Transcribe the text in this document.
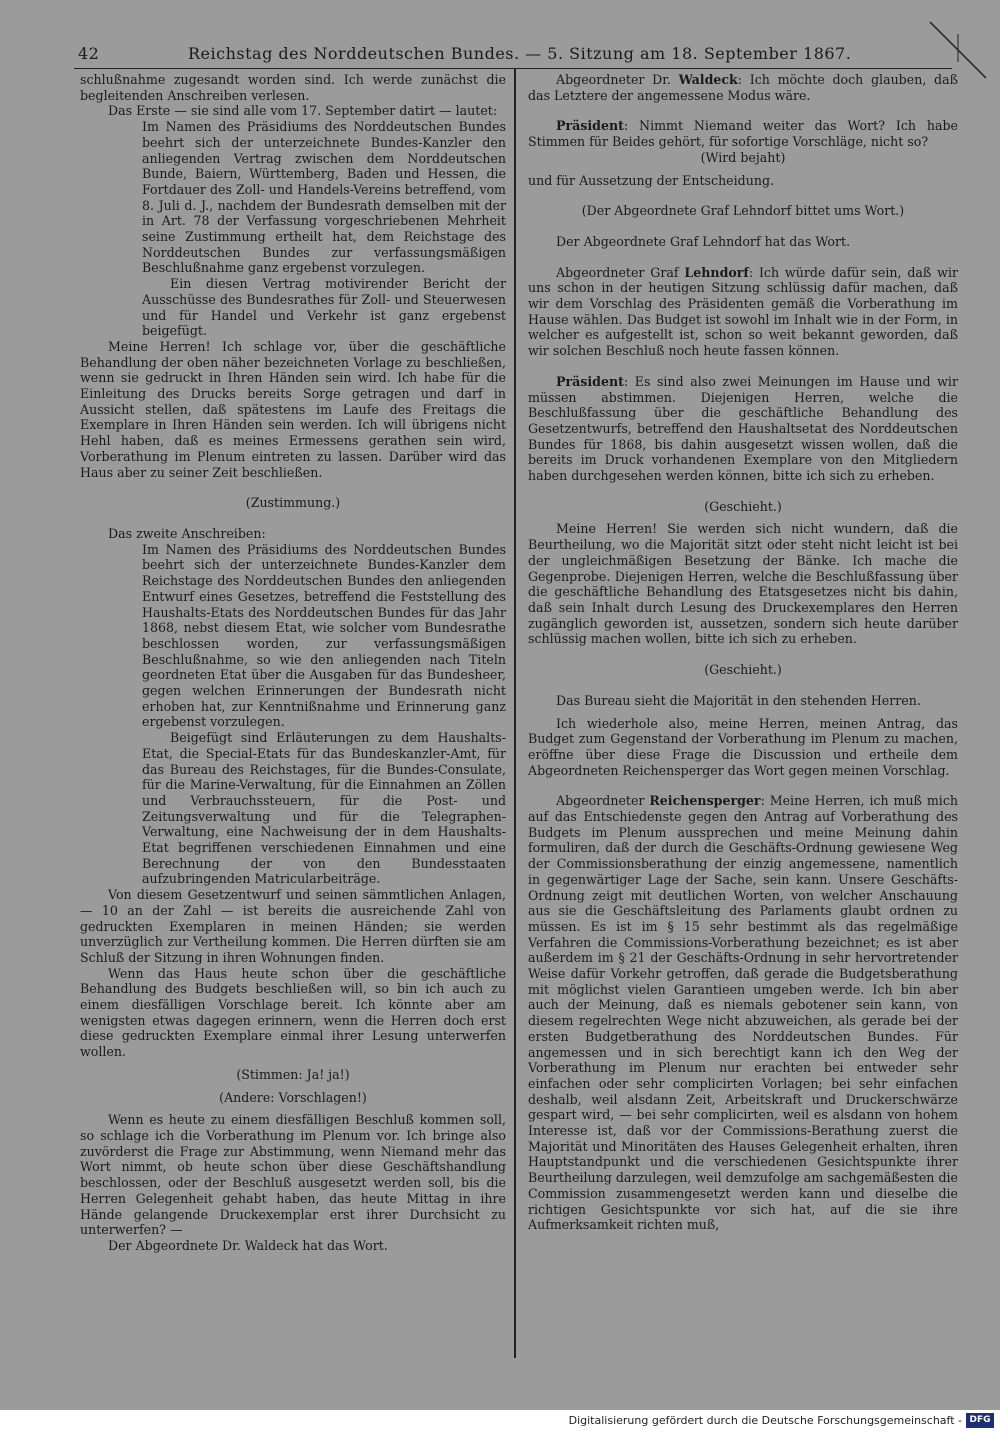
42	Reichstag des Norddeutschen Bundes. — 5. Sitzung am 18. September 1867.

schlußnahme zugesandt worden sind. Ich werde zunächst die begleitenden Anschreiben verlesen.

Das Erste — sie sind alle vom 17. September datirt — lautet:

Im Namen des Präsidiums des Norddeutschen Bundes beehrt sich der unterzeichnete Bundes-Kanzler den anliegenden Vertrag zwischen dem Norddeutschen Bunde, Baiern, Württemberg, Baden und Hessen, die Fortdauer des Zoll- und Handels-Vereins betreffend, vom 8. Juli d. J., nachdem der Bundesrath demselben mit der in Art. 78 der Verfassung vorgeschriebenen Mehrheit seine Zustimmung ertheilt hat, dem Reichstage des Norddeutschen Bundes zur verfassungsmäßigen Beschlußnahme ganz ergebenst vorzulegen.

Ein diesen Vertrag motivirender Bericht der Ausschüsse des Bundesrathes für Zoll- und Steuerwesen und für Handel und Verkehr ist ganz ergebenst beigefügt.

Meine Herren! Ich schlage vor, über die geschäftliche Behandlung der oben näher bezeichneten Vorlage zu beschließen, wenn sie gedruckt in Ihren Händen sein wird. Ich habe für die Einleitung des Drucks bereits Sorge getragen und darf in Aussicht stellen, daß spätestens im Laufe des Freitags die Exemplare in Ihren Händen sein werden. Ich will übrigens nicht Hehl haben, daß es meines Ermessens gerathen sein wird, Vorberathung im Plenum eintreten zu lassen. Darüber wird das Haus aber zu seiner Zeit beschließen.

(Zustimmung.)

Das zweite Anschreiben:

Im Namen des Präsidiums des Norddeutschen Bundes beehrt sich der unterzeichnete Bundes-Kanzler dem Reichstage des Norddeutschen Bundes den anliegenden Entwurf eines Gesetzes, betreffend die Feststellung des Haushalts-Etats des Norddeutschen Bundes für das Jahr 1868, nebst diesem Etat, wie solcher vom Bundesrathe beschlossen worden, zur verfassungsmäßigen Beschlußnahme, so wie den anliegenden nach Titeln geordneten Etat über die Ausgaben für das Bundesheer, gegen welchen Erinnerungen der Bundesrath nicht erhoben hat, zur Kenntnißnahme und Erinnerung ganz ergebenst vorzulegen.

Beigefügt sind Erläuterungen zu dem Haushalts-Etat, die Special-Etats für das Bundeskanzler-Amt, für das Bureau des Reichstages, für die Bundes-Consulate, für die Marine-Verwaltung, für die Einnahmen an Zöllen und Verbrauchssteuern, für die Post- und Zeitungsverwaltung und für die Telegraphen-Verwaltung, eine Nachweisung der in dem Haushalts-Etat begriffenen verschiedenen Einnahmen und eine Berechnung der von den Bundesstaaten aufzubringenden Matricularbeiträge.

Von diesem Gesetzentwurf und seinen sämmtlichen Anlagen, — 10 an der Zahl — ist bereits die ausreichende Zahl von gedruckten Exemplaren in meinen Händen; sie werden unverzüglich zur Vertheilung kommen. Die Herren dürften sie am Schluß der Sitzung in ihren Wohnungen finden.

Wenn das Haus heute schon über die geschäftliche Behandlung des Budgets beschließen will, so bin ich auch zu einem diesfälligen Vorschlage bereit. Ich könnte aber am wenigsten etwas dagegen erinnern, wenn die Herren doch erst diese gedruckten Exemplare einmal ihrer Lesung unterwerfen wollen.

(Stimmen: Ja! ja!)

(Andere: Vorschlagen!)

Wenn es heute zu einem diesfälligen Beschluß kommen soll, so schlage ich die Vorberathung im Plenum vor. Ich bringe also zuvörderst die Frage zur Abstimmung, wenn Niemand mehr das Wort nimmt, ob heute schon über diese Geschäftshandlung beschlossen, oder der Beschluß ausgesetzt werden soll, bis die Herren Gelegenheit gehabt haben, das heute Mittag in ihre Hände gelangende Druckexemplar erst ihrer Durchsicht zu unterwerfen? —

Der Abgeordnete Dr. Waldeck hat das Wort.

Abgeordneter Dr. Waldeck: Ich möchte doch glauben, daß das Letztere der angemessene Modus wäre.

Präsident: Nimmt Niemand weiter das Wort? Ich habe Stimmen für Beides gehört, für sofortige Vorschläge, nicht so?

(Wird bejaht)

und für Aussetzung der Entscheidung.

(Der Abgeordnete Graf Lehndorf bittet ums Wort.)

Der Abgeordnete Graf Lehndorf hat das Wort.

Abgeordneter Graf Lehndorf: Ich würde dafür sein, daß wir uns schon in der heutigen Sitzung schlüssig dafür machen, daß wir dem Vorschlag des Präsidenten gemäß die Vorberathung im Hause wählen. Das Budget ist sowohl im Inhalt wie in der Form, in welcher es aufgestellt ist, schon so weit bekannt geworden, daß wir solchen Beschluß noch heute fassen können.

Präsident: Es sind also zwei Meinungen im Hause und wir müssen abstimmen. Diejenigen Herren, welche die Beschlußfassung über die geschäftliche Behandlung des Gesetzentwurfs, betreffend den Haushaltsetat des Norddeutschen Bundes für 1868, bis dahin ausgesetzt wissen wollen, daß die bereits im Druck vorhandenen Exemplare von den Mitgliedern haben durchgesehen werden können, bitte ich sich zu erheben.

(Geschieht.)

Meine Herren! Sie werden sich nicht wundern, daß die Beurtheilung, wo die Majorität sitzt oder steht nicht leicht ist bei der ungleichmäßigen Besetzung der Bänke. Ich mache die Gegenprobe. Diejenigen Herren, welche die Beschlußfassung über die geschäftliche Behandlung des Etatsgesetzes nicht bis dahin, daß sein Inhalt durch Lesung des Druckexemplares den Herren zugänglich geworden ist, aussetzen, sondern sich heute darüber schlüssig machen wollen, bitte ich sich zu erheben.

(Geschieht.)

Das Bureau sieht die Majorität in den stehenden Herren.

Ich wiederhole also, meine Herren, meinen Antrag, das Budget zum Gegenstand der Vorberathung im Plenum zu machen, eröffne über diese Frage die Discussion und ertheile dem Abgeordneten Reichensperger das Wort gegen meinen Vorschlag.

Abgeordneter Reichensperger: Meine Herren, ich muß mich auf das Entschiedenste gegen den Antrag auf Vorberathung des Budgets im Plenum aussprechen und meine Meinung dahin formuliren, daß der durch die Geschäfts-Ordnung gewiesene Weg der Commissionsberathung der einzig angemessene, namentlich in gegenwärtiger Lage der Sache, sein kann. Unsere Geschäfts-Ordnung zeigt mit deutlichen Worten, von welcher Anschauung aus sie die Geschäftsleitung des Parlaments glaubt ordnen zu müssen. Es ist im § 15 sehr bestimmt als das regelmäßige Verfahren die Commissions-Vorberathung bezeichnet; es ist aber außerdem im § 21 der Geschäfts-Ordnung in sehr hervortretender Weise dafür Vorkehr getroffen, daß gerade die Budgetsberathung mit möglichst vielen Garantieen umgeben werde. Ich bin aber auch der Meinung, daß es niemals gebotener sein kann, von diesem regelrechten Wege nicht abzuweichen, als gerade bei der ersten Budgetberathung des Norddeutschen Bundes. Für angemessen und in sich berechtigt kann ich den Weg der Vorberathung im Plenum nur erachten bei entweder sehr einfachen oder sehr complicirten Vorlagen; bei sehr einfachen deshalb, weil alsdann Zeit, Arbeitskraft und Druckerschwärze gespart wird, — bei sehr complicirten, weil es alsdann von hohem Interesse ist, daß vor der Commissions-Berathung zuerst die Majorität und Minoritäten des Hauses Gelegenheit erhalten, ihren Hauptstandpunkt und die verschiedenen Gesichtspunkte ihrer Beurtheilung darzulegen, weil demzufolge am sachgemäßesten die Commission zusammengesetzt werden kann und dieselbe die richtigen Gesichtspunkte vor sich hat, auf die sie ihre Aufmerksamkeit richten muß,

Digitalisierung gefördert durch die Deutsche Forschungsgemeinschaft - DFG
